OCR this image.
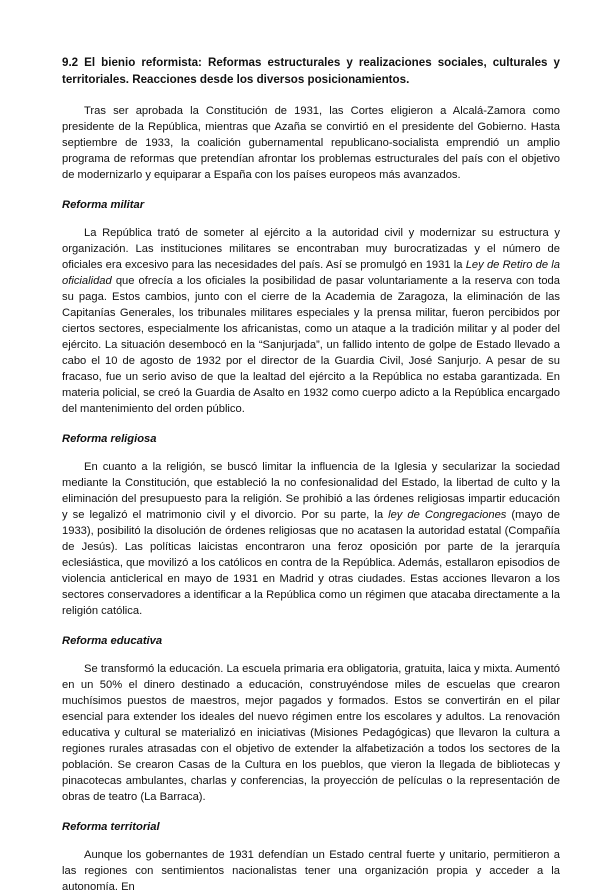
9.2 El bienio reformista: Reformas estructurales y realizaciones sociales, culturales y territoriales. Reacciones desde los diversos posicionamientos.

Tras ser aprobada la Constitución de 1931, las Cortes eligieron a Alcalá-Zamora como presidente de la República, mientras que Azaña se convirtió en el presidente del Gobierno. Hasta septiembre de 1933, la coalición gubernamental republicano-socialista emprendió un amplio programa de reformas que pretendían afrontar los problemas estructurales del país con el objetivo de modernizarlo y equiparar a España con los países europeos más avanzados.

Reforma militar

La República trató de someter al ejército a la autoridad civil y modernizar su estructura y organización. Las instituciones militares se encontraban muy burocratizadas y el número de oficiales era excesivo para las necesidades del país. Así se promulgó en 1931 la Ley de Retiro de la oficialidad que ofrecía a los oficiales la posibilidad de pasar voluntariamente a la reserva con toda su paga. Estos cambios, junto con el cierre de la Academia de Zaragoza, la eliminación de las Capitanías Generales, los tribunales militares especiales y la prensa militar, fueron percibidos por ciertos sectores, especialmente los africanistas, como un ataque a la tradición militar y al poder del ejército. La situación desembocó en la “Sanjurjada”, un fallido intento de golpe de Estado llevado a cabo el 10 de agosto de 1932 por el director de la Guardia Civil, José Sanjurjo. A pesar de su fracaso, fue un serio aviso de que la lealtad del ejército a la República no estaba garantizada. En materia policial, se creó la Guardia de Asalto en 1932 como cuerpo adicto a la República encargado del mantenimiento del orden público.

Reforma religiosa

En cuanto a la religión, se buscó limitar la influencia de la Iglesia y secularizar la sociedad mediante la Constitución, que estableció la no confesionalidad del Estado, la libertad de culto y la eliminación del presupuesto para la religión. Se prohibió a las órdenes religiosas impartir educación y se legalizó el matrimonio civil y el divorcio. Por su parte, la ley de Congregaciones (mayo de 1933), posibilitó la disolución de órdenes religiosas que no acatasen la autoridad estatal (Compañía de Jesús). Las políticas laicistas encontraron una feroz oposición por parte de la jerarquía eclesiástica, que movilizó a los católicos en contra de la República. Además, estallaron episodios de violencia anticlerical en mayo de 1931 en Madrid y otras ciudades. Estas acciones llevaron a los sectores conservadores a identificar a la República como un régimen que atacaba directamente a la religión católica.

Reforma educativa

Se transformó la educación. La escuela primaria era obligatoria, gratuita, laica y mixta. Aumentó en un 50% el dinero destinado a educación, construyéndose miles de escuelas que crearon muchísimos puestos de maestros, mejor pagados y formados. Estos se convertirán en el pilar esencial para extender los ideales del nuevo régimen entre los escolares y adultos. La renovación educativa y cultural se materializó en iniciativas (Misiones Pedagógicas) que llevaron la cultura a regiones rurales atrasadas con el objetivo de extender la alfabetización a todos los sectores de la población. Se crearon Casas de la Cultura en los pueblos, que vieron la llegada de bibliotecas y pinacotecas ambulantes, charlas y conferencias, la proyección de películas o la representación de obras de teatro (La Barraca).

Reforma territorial

Aunque los gobernantes de 1931 defendían un Estado central fuerte y unitario, permitieron a las regiones con sentimientos nacionalistas tener una organización propia y acceder a la autonomía. En
